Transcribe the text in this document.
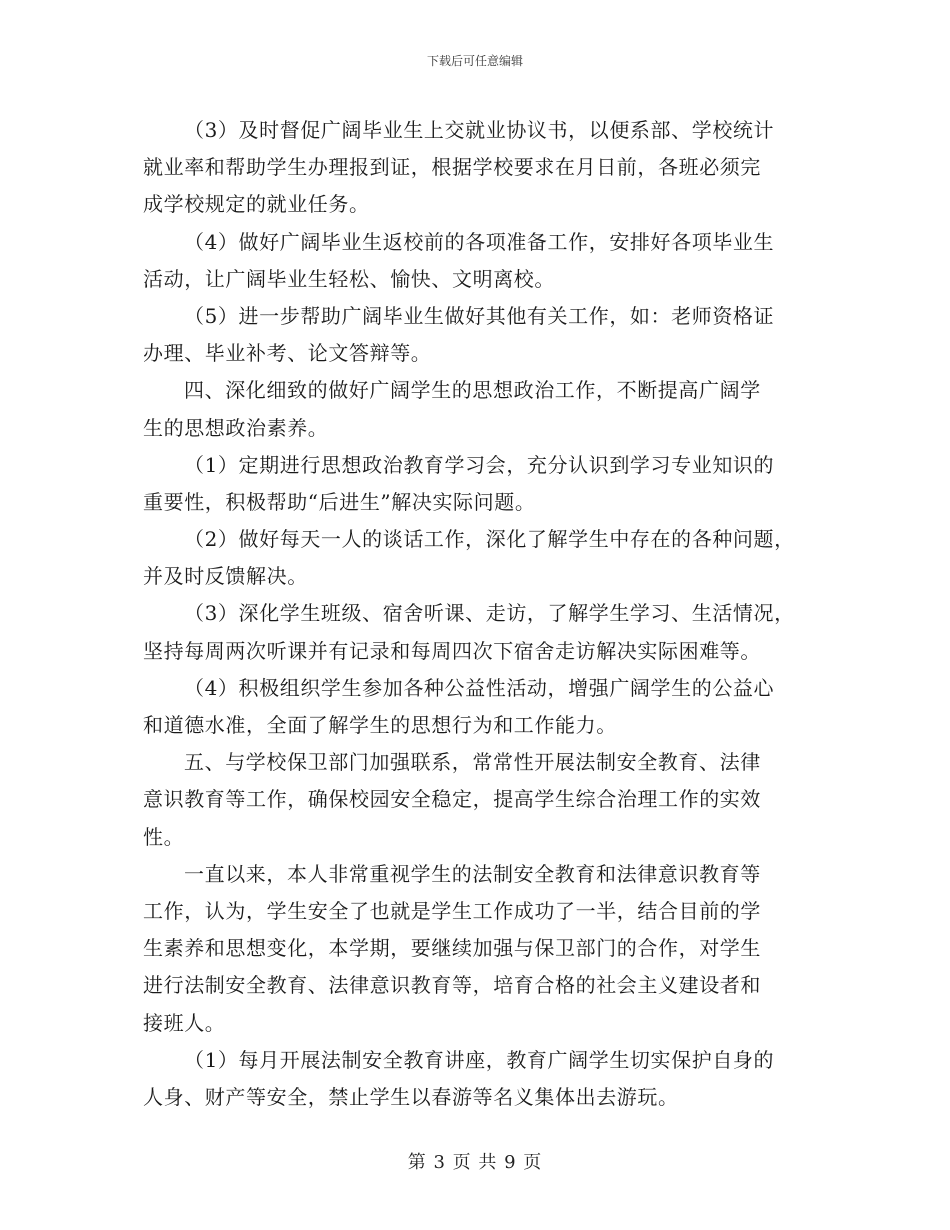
下载后可任意编辑
（3）及时督促广阔毕业生上交就业协议书，以便系部、学校统计
就业率和帮助学生办理报到证，根据学校要求在月日前，各班必须完
成学校规定的就业任务。
（4）做好广阔毕业生返校前的各项准备工作，安排好各项毕业生
活动，让广阔毕业生轻松、愉快、文明离校。
（5）进一步帮助广阔毕业生做好其他有关工作，如：老师资格证
办理、毕业补考、论文答辩等。
四、深化细致的做好广阔学生的思想政治工作，不断提高广阔学
生的思想政治素养。
（1）定期进行思想政治教育学习会，充分认识到学习专业知识的
重要性，积极帮助“后进生”解决实际问题。
（2）做好每天一人的谈话工作，深化了解学生中存在的各种问题，
并及时反馈解决。
（3）深化学生班级、宿舍听课、走访，了解学生学习、生活情况，
坚持每周两次听课并有记录和每周四次下宿舍走访解决实际困难等。
（4）积极组织学生参加各种公益性活动，增强广阔学生的公益心
和道德水准，全面了解学生的思想行为和工作能力。
五、与学校保卫部门加强联系，常常性开展法制安全教育、法律
意识教育等工作，确保校园安全稳定，提高学生综合治理工作的实效
性。
一直以来，本人非常重视学生的法制安全教育和法律意识教育等
工作，认为，学生安全了也就是学生工作成功了一半，结合目前的学
生素养和思想变化，本学期，要继续加强与保卫部门的合作，对学生
进行法制安全教育、法律意识教育等，培育合格的社会主义建设者和
接班人。
（1）每月开展法制安全教育讲座，教育广阔学生切实保护自身的
人身、财产等安全，禁止学生以春游等名义集体出去游玩。
第 3 页 共 9 页
